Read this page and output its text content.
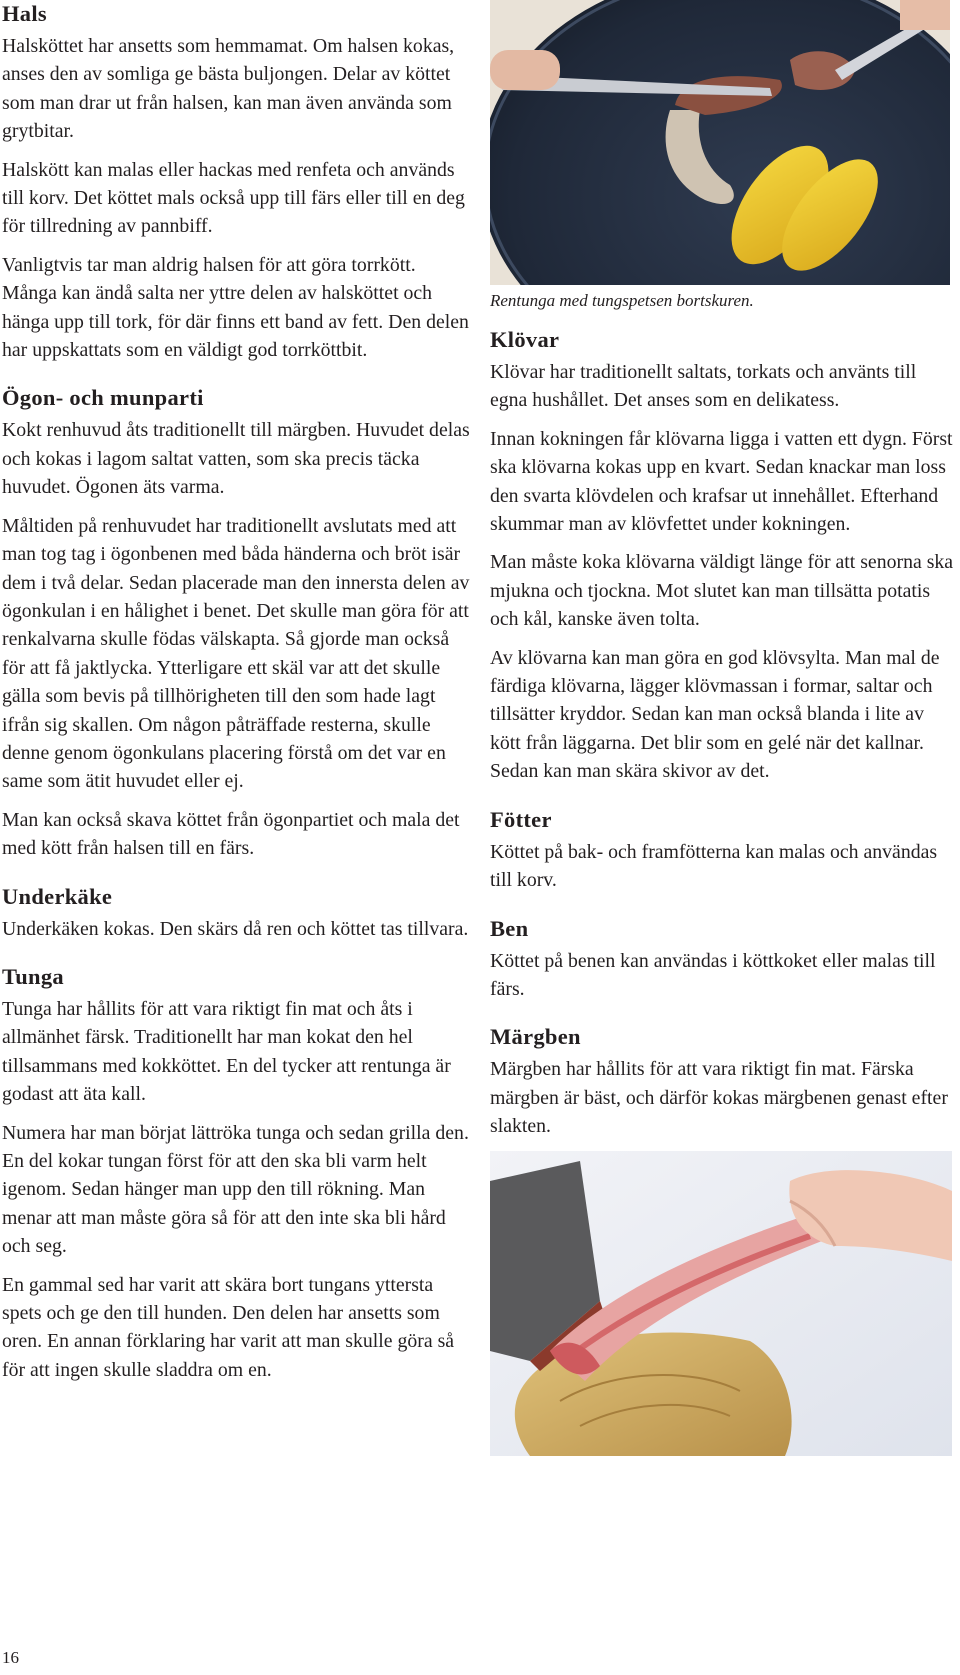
Hals

Halsköttet har ansetts som hemmamat. Om halsen kokas, anses den av somliga ge bästa buljongen. Delar av köttet som man drar ut från halsen, kan man även använda som grytbitar.

Halskött kan malas eller hackas med renfeta och används till korv. Det köttet mals också upp till färs eller till en deg för tillredning av pannbiff.

Vanligtvis tar man aldrig halsen för att göra torrkött. Många kan ändå salta ner yttre delen av halsköttet och hänga upp till tork, för där finns ett band av fett. Den delen har uppskattats som en väldigt god torrköttbit.

Ögon- och munparti

Kokt renhuvud åts traditionellt till märgben. Huvudet delas och kokas i lagom saltat vatten, som ska precis täcka huvudet. Ögonen äts varma.

Måltiden på renhuvudet har traditionellt avslutats med att man tog tag i ögonbenen med båda händerna och bröt isär dem i två delar. Sedan placerade man den innersta delen av ögonkulan i en hålighet i benet. Det skulle man göra för att renkalvarna skulle födas välskapta. Så gjorde man också för att få jaktlycka. Ytterligare ett skäl var att det skulle gälla som bevis på tillhörigheten till den som hade lagt ifrån sig skallen. Om någon påträffade resterna, skulle denne genom ögonkulans placering förstå om det var en same som ätit huvudet eller ej.

Man kan också skava köttet från ögonpartiet och mala det med kött från halsen till en färs.

Underkäke

Underkäken kokas. Den skärs då ren och köttet tas tillvara.

Tunga

Tunga har hållits för att vara riktigt fin mat och åts i allmänhet färsk. Traditionellt har man kokat den hel tillsammans med kokköttet. En del tycker att rentunga är godast att äta kall.

Numera har man börjat lättröka tunga och sedan grilla den. En del kokar tungan först för att den ska bli varm helt igenom. Sedan hänger man upp den till rökning. Man menar att man måste göra så för att den inte ska bli hård och seg.

En gammal sed har varit att skära bort tungans yttersta spets och ge den till hunden. Den delen har ansetts som oren. En annan förklaring har varit att man skulle göra så för att ingen skulle sladdra om en.

Rentunga med tungspetsen bortskuren.
Klövar

Klövar har traditionellt saltats, torkats och använts till egna hushållet. Det anses som en delikatess.

Innan kokningen får klövarna ligga i vatten ett dygn. Först ska klövarna kokas upp en kvart. Sedan knackar man loss den svarta klövdelen och krafsar ut innehållet. Efterhand skummar man av klövfettet under kokningen.

Man måste koka klövarna väldigt länge för att senorna ska mjukna och tjockna. Mot slutet kan man tillsätta potatis och kål, kanske även tolta.

Av klövarna kan man göra en god klövsylta. Man mal de färdiga klövarna, lägger klövmassan i formar, saltar och tillsätter kryddor. Sedan kan man också blanda i lite av kött från läggarna. Det blir som en gelé när det kallnar. Sedan kan man skära skivor av det.

Fötter

Köttet på bak- och framfötterna kan malas och användas till korv.

Ben

Köttet på benen kan användas i köttkoket eller malas till färs.

Märgben

Märgben har hållits för att vara riktigt fin mat. Färska märgben är bäst, och därför kokas märgbenen genast efter slakten.

16
